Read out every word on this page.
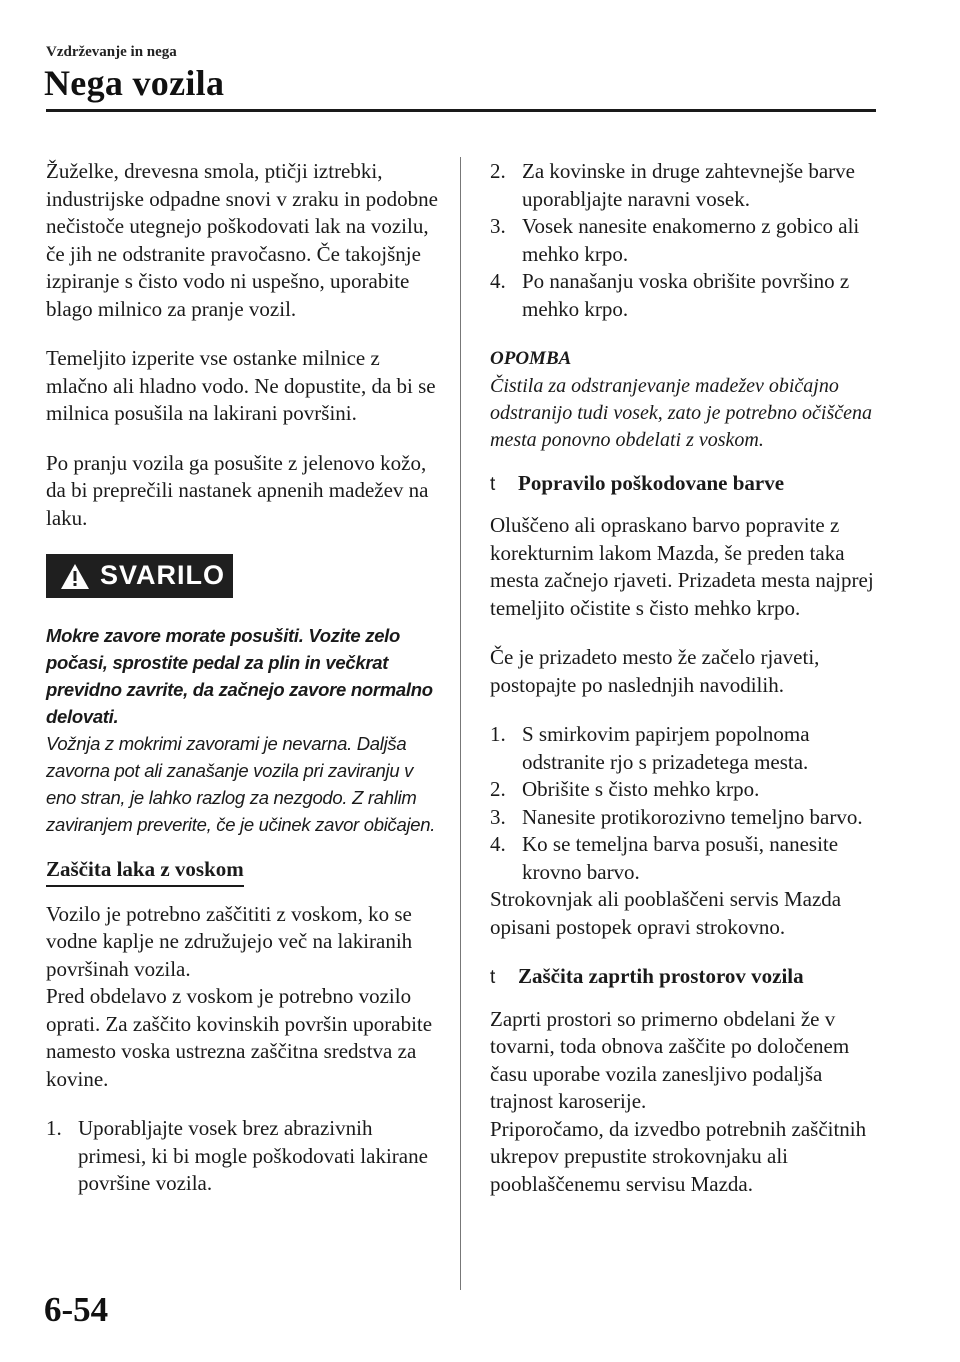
Vzdrževanje in nega
Nega vozila

Žuželke, drevesna smola, ptičji iztrebki, industrijske odpadne snovi v zraku in podobne nečistoče utegnejo poškodovati lak na vozilu, če jih ne odstranite pravočasno. Če takojšnje izpiranje s čisto vodo ni uspešno, uporabite blago milnico za pranje vozil.

Temeljito izperite vse ostanke milnice z mlačno ali hladno vodo. Ne dopustite, da bi se milnica posušila na lakirani površini.

Po pranju vozila ga posušite z jelenovo kožo, da bi preprečili nastanek apnenih madežev na laku.

SVARILO

Mokre zavore morate posušiti. Vozite zelo počasi, sprostite pedal za plin in večkrat previdno zavrite, da začnejo zavore normalno delovati.

Vožnja z mokrimi zavorami je nevarna. Daljša zavorna pot ali zanašanje vozila pri zaviranju v eno stran, je lahko razlog za nezgodo. Z rahlim zaviranjem preverite, če je učinek zavor običajen.

Zaščita laka z voskom

Vozilo je potrebno zaščititi z voskom, ko se vodne kaplje ne združujejo več na lakiranih površinah vozila.

Pred obdelavo z voskom je potrebno vozilo oprati. Za zaščito kovinskih površin uporabite namesto voska ustrezna zaščitna sredstva za kovine.

1. Uporabljajte vosek brez abrazivnih primesi, ki bi mogle poškodovati lakirane površine vozila.
2. Za kovinske in druge zahtevnejše barve uporabljajte naravni vosek.
3. Vosek nanesite enakomerno z gobico ali mehko krpo.
4. Po nanašanju voska obrišite površino z mehko krpo.

OPOMBA

Čistila za odstranjevanje madežev običajno odstranijo tudi vosek, zato je potrebno očiščena mesta ponovno obdelati z voskom.

t	Popravilo poškodovane barve

Oluščeno ali opraskano barvo popravite z korekturnim lakom Mazda, še preden taka mesta začnejo rjaveti. Prizadeta mesta najprej temeljito očistite s čisto mehko krpo.

Če je prizadeto mesto že začelo rjaveti, postopajte po naslednjih navodilih.

1. S smirkovim papirjem popolnoma odstranite rjo s prizadetega mesta.
2. Obrišite s čisto mehko krpo.
3. Nanesite protikorozivno temeljno barvo.
4. Ko se temeljna barva posuši, nanesite krovno barvo.

Strokovnjak ali pooblaščeni servis Mazda opisani postopek opravi strokovno.

t	Zaščita zaprtih prostorov vozila

Zaprti prostori so primerno obdelani že v tovarni, toda obnova zaščite po določenem času uporabe vozila zanesljivo podaljša trajnost karoserije.

Priporočamo, da izvedbo potrebnih zaščitnih ukrepov prepustite strokovnjaku ali pooblaščenemu servisu Mazda.

6-54
